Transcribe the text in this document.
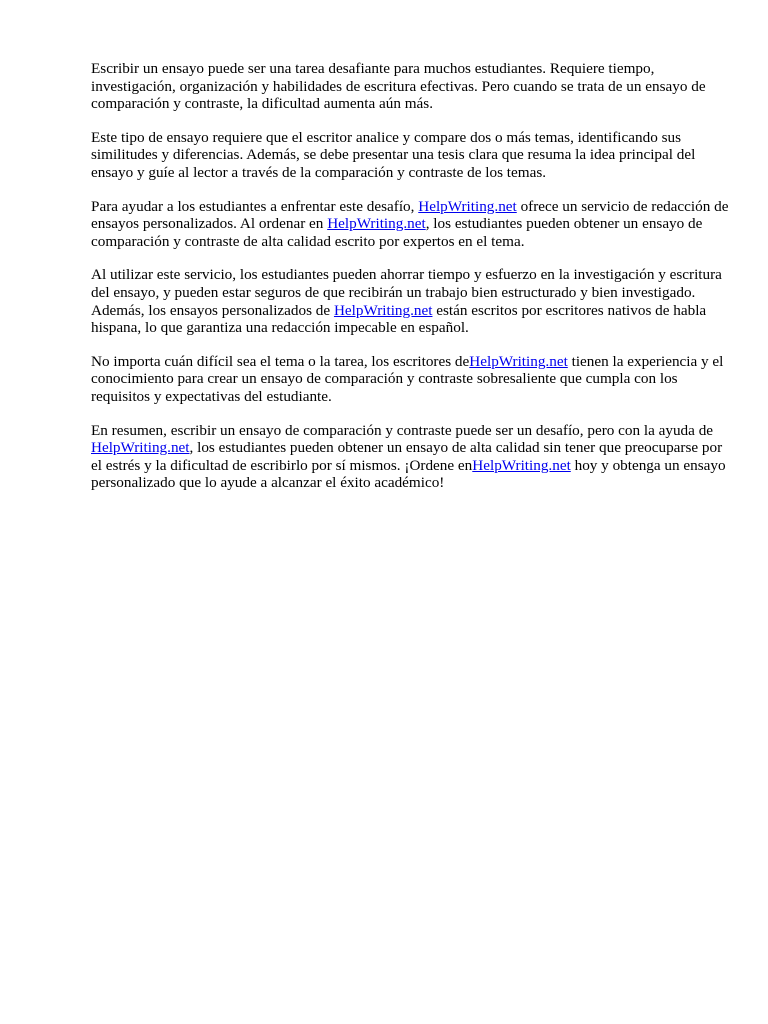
Escribir un ensayo puede ser una tarea desafiante para muchos estudiantes. Requiere tiempo, investigación, organización y habilidades de escritura efectivas. Pero cuando se trata de un ensayo de comparación y contraste, la dificultad aumenta aún más.

Este tipo de ensayo requiere que el escritor analice y compare dos o más temas, identificando sus similitudes y diferencias. Además, se debe presentar una tesis clara que resuma la idea principal del ensayo y guíe al lector a través de la comparación y contraste de los temas.

Para ayudar a los estudiantes a enfrentar este desafío, HelpWriting.net ofrece un servicio de redacción de ensayos personalizados. Al ordenar en HelpWriting.net, los estudiantes pueden obtener un ensayo de comparación y contraste de alta calidad escrito por expertos en el tema.

Al utilizar este servicio, los estudiantes pueden ahorrar tiempo y esfuerzo en la investigación y escritura del ensayo, y pueden estar seguros de que recibirán un trabajo bien estructurado y bien investigado. Además, los ensayos personalizados de HelpWriting.net están escritos por escritores nativos de habla hispana, lo que garantiza una redacción impecable en español.

No importa cuán difícil sea el tema o la tarea, los escritores deHelpWriting.net tienen la experiencia y el conocimiento para crear un ensayo de comparación y contraste sobresaliente que cumpla con los requisitos y expectativas del estudiante.

En resumen, escribir un ensayo de comparación y contraste puede ser un desafío, pero con la ayuda de HelpWriting.net, los estudiantes pueden obtener un ensayo de alta calidad sin tener que preocuparse por el estrés y la dificultad de escribirlo por sí mismos. ¡Ordene enHelpWriting.net hoy y obtenga un ensayo personalizado que lo ayude a alcanzar el éxito académico!
